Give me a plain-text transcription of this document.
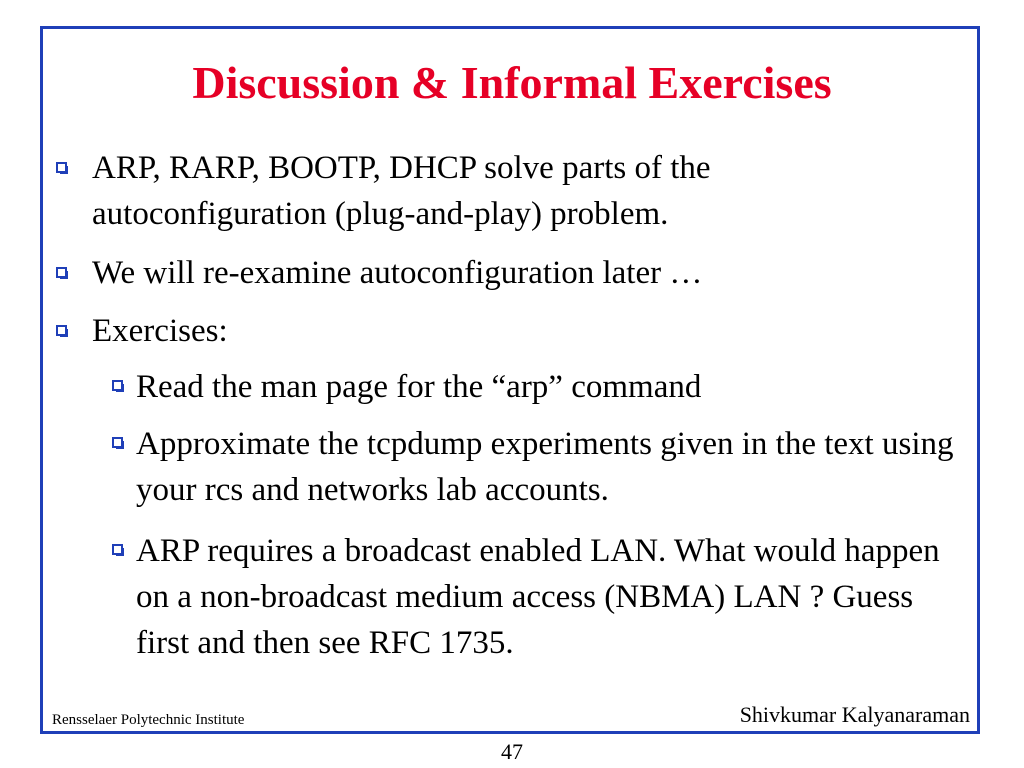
Discussion & Informal Exercises
ARP, RARP, BOOTP, DHCP solve parts of the autoconfiguration (plug-and-play) problem.
We will re-examine autoconfiguration later …
Exercises:
Read the man page for the “arp” command
Approximate the tcpdump experiments given in the text using your rcs and networks lab accounts.
ARP requires a broadcast enabled LAN. What would happen on a non-broadcast medium access (NBMA) LAN ? Guess first and then see RFC 1735.
Rensselaer Polytechnic Institute	Shivkumar Kalyanaraman
47
